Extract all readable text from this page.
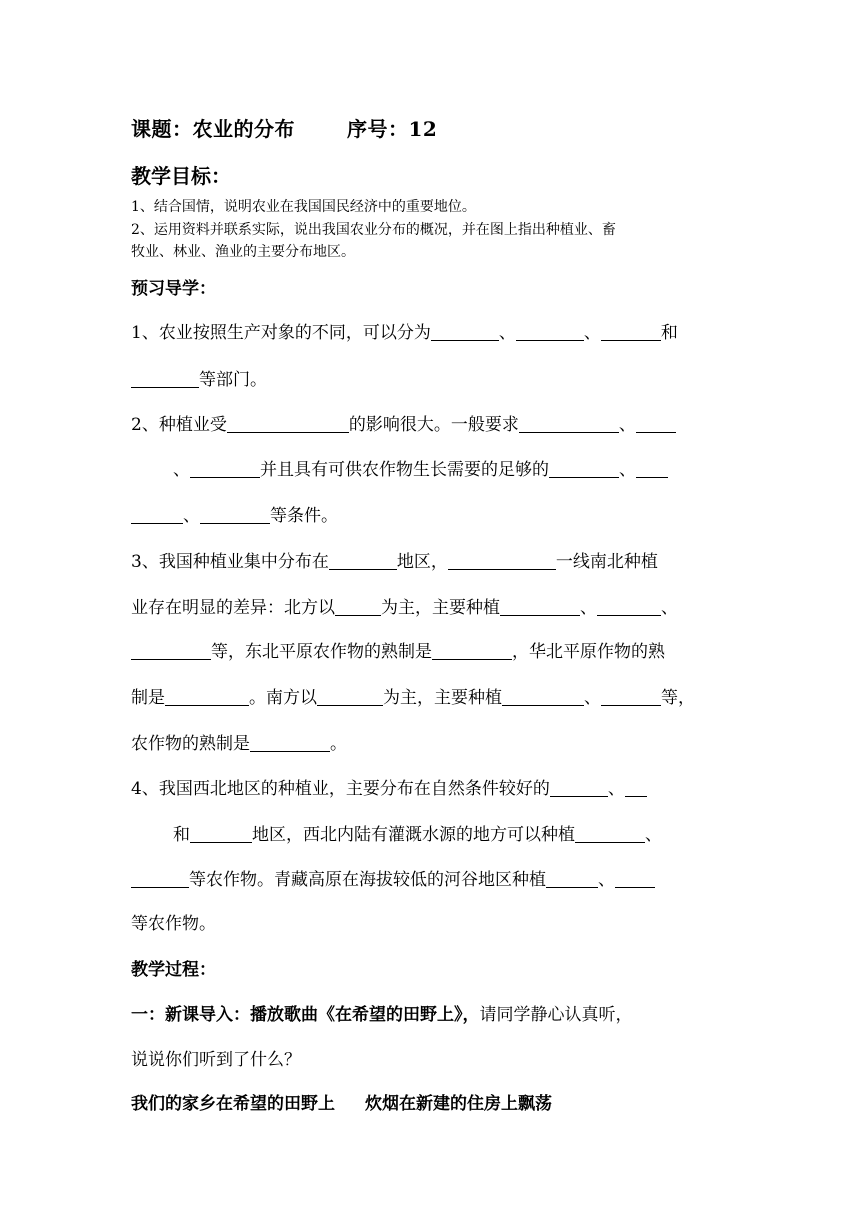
课题：农业的分布	序号：12
教学目标：
1、结合国情，说明农业在我国国民经济中的重要地位。
2、运用资料并联系实际，说出我国农业分布的概况，并在图上指出种植业、畜
牧业、林业、渔业的主要分布地区。
预习导学：
1、农业按照生产对象的不同，可以分为	、	、	和
等部门。
2、种植业受	的影响很大。一般要求	、
、	并且具有可供农作物生长需要的足够的	、
、	等条件。
3、我国种植业集中分布在	地区，	一线南北种植
业存在明显的差异：北方以	为主，主要种植	、	、
等，东北平原农作物的熟制是	，华北平原作物的熟
制是	。南方以	为主，主要种植	、	等，
农作物的熟制是	。
4、我国西北地区的种植业，主要分布在自然条件较好的	、
和	地区，西北内陆有灌溉水源的地方可以种植	、
等农作物。青藏高原在海拔较低的河谷地区种植	、
等农作物。
教学过程：
一：新课导入：播放歌曲《在希望的田野上》，请同学静心认真听，
说说你们听到了什么？
我们的家乡在希望的田野上 炊烟在新建的住房上飘荡
